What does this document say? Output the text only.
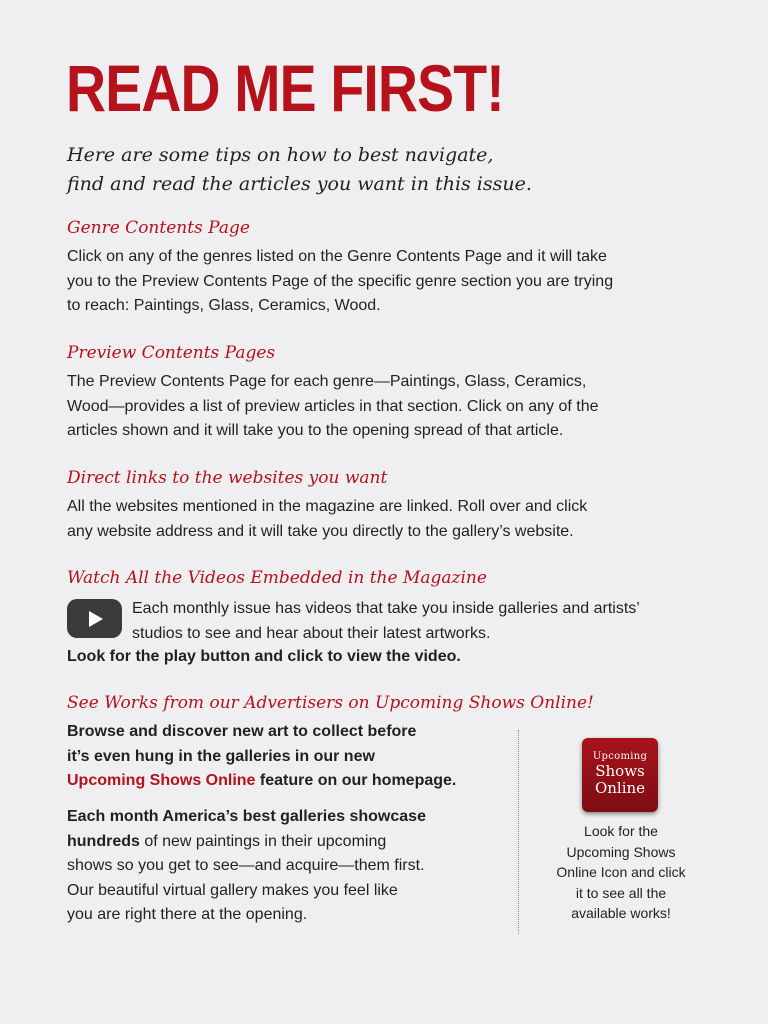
READ ME FIRST!
Here are some tips on how to best navigate,
find and read the articles you want in this issue.
Genre Contents Page
Click on any of the genres listed on the Genre Contents Page and it will take
you to the Preview Contents Page of the specific genre section you are trying
to reach: Paintings, Glass, Ceramics, Wood.
Preview Contents Pages
The Preview Contents Page for each genre—Paintings, Glass, Ceramics,
Wood—provides a list of preview articles in that section. Click on any of the
articles shown and it will take you to the opening spread of that article.
Direct links to the websites you want
All the websites mentioned in the magazine are linked. Roll over and click
any website address and it will take you directly to the gallery’s website.
Watch All the Videos Embedded in the Magazine
Each monthly issue has videos that take you inside galleries and artists’
studios to see and hear about their latest artworks.
Look for the play button and click to view the video.
See Works from our Advertisers on Upcoming Shows Online!
Browse and discover new art to collect before
it’s even hung in the galleries in our new
Upcoming Shows Online feature on our homepage.
Each month America’s best galleries showcase
hundreds of new paintings in their upcoming
shows so you get to see—and acquire—them first.
Our beautiful virtual gallery makes you feel like
you are right there at the opening.
Upcoming
Shows
Online
Look for the
Upcoming Shows
Online Icon and click
it to see all the
available works!
